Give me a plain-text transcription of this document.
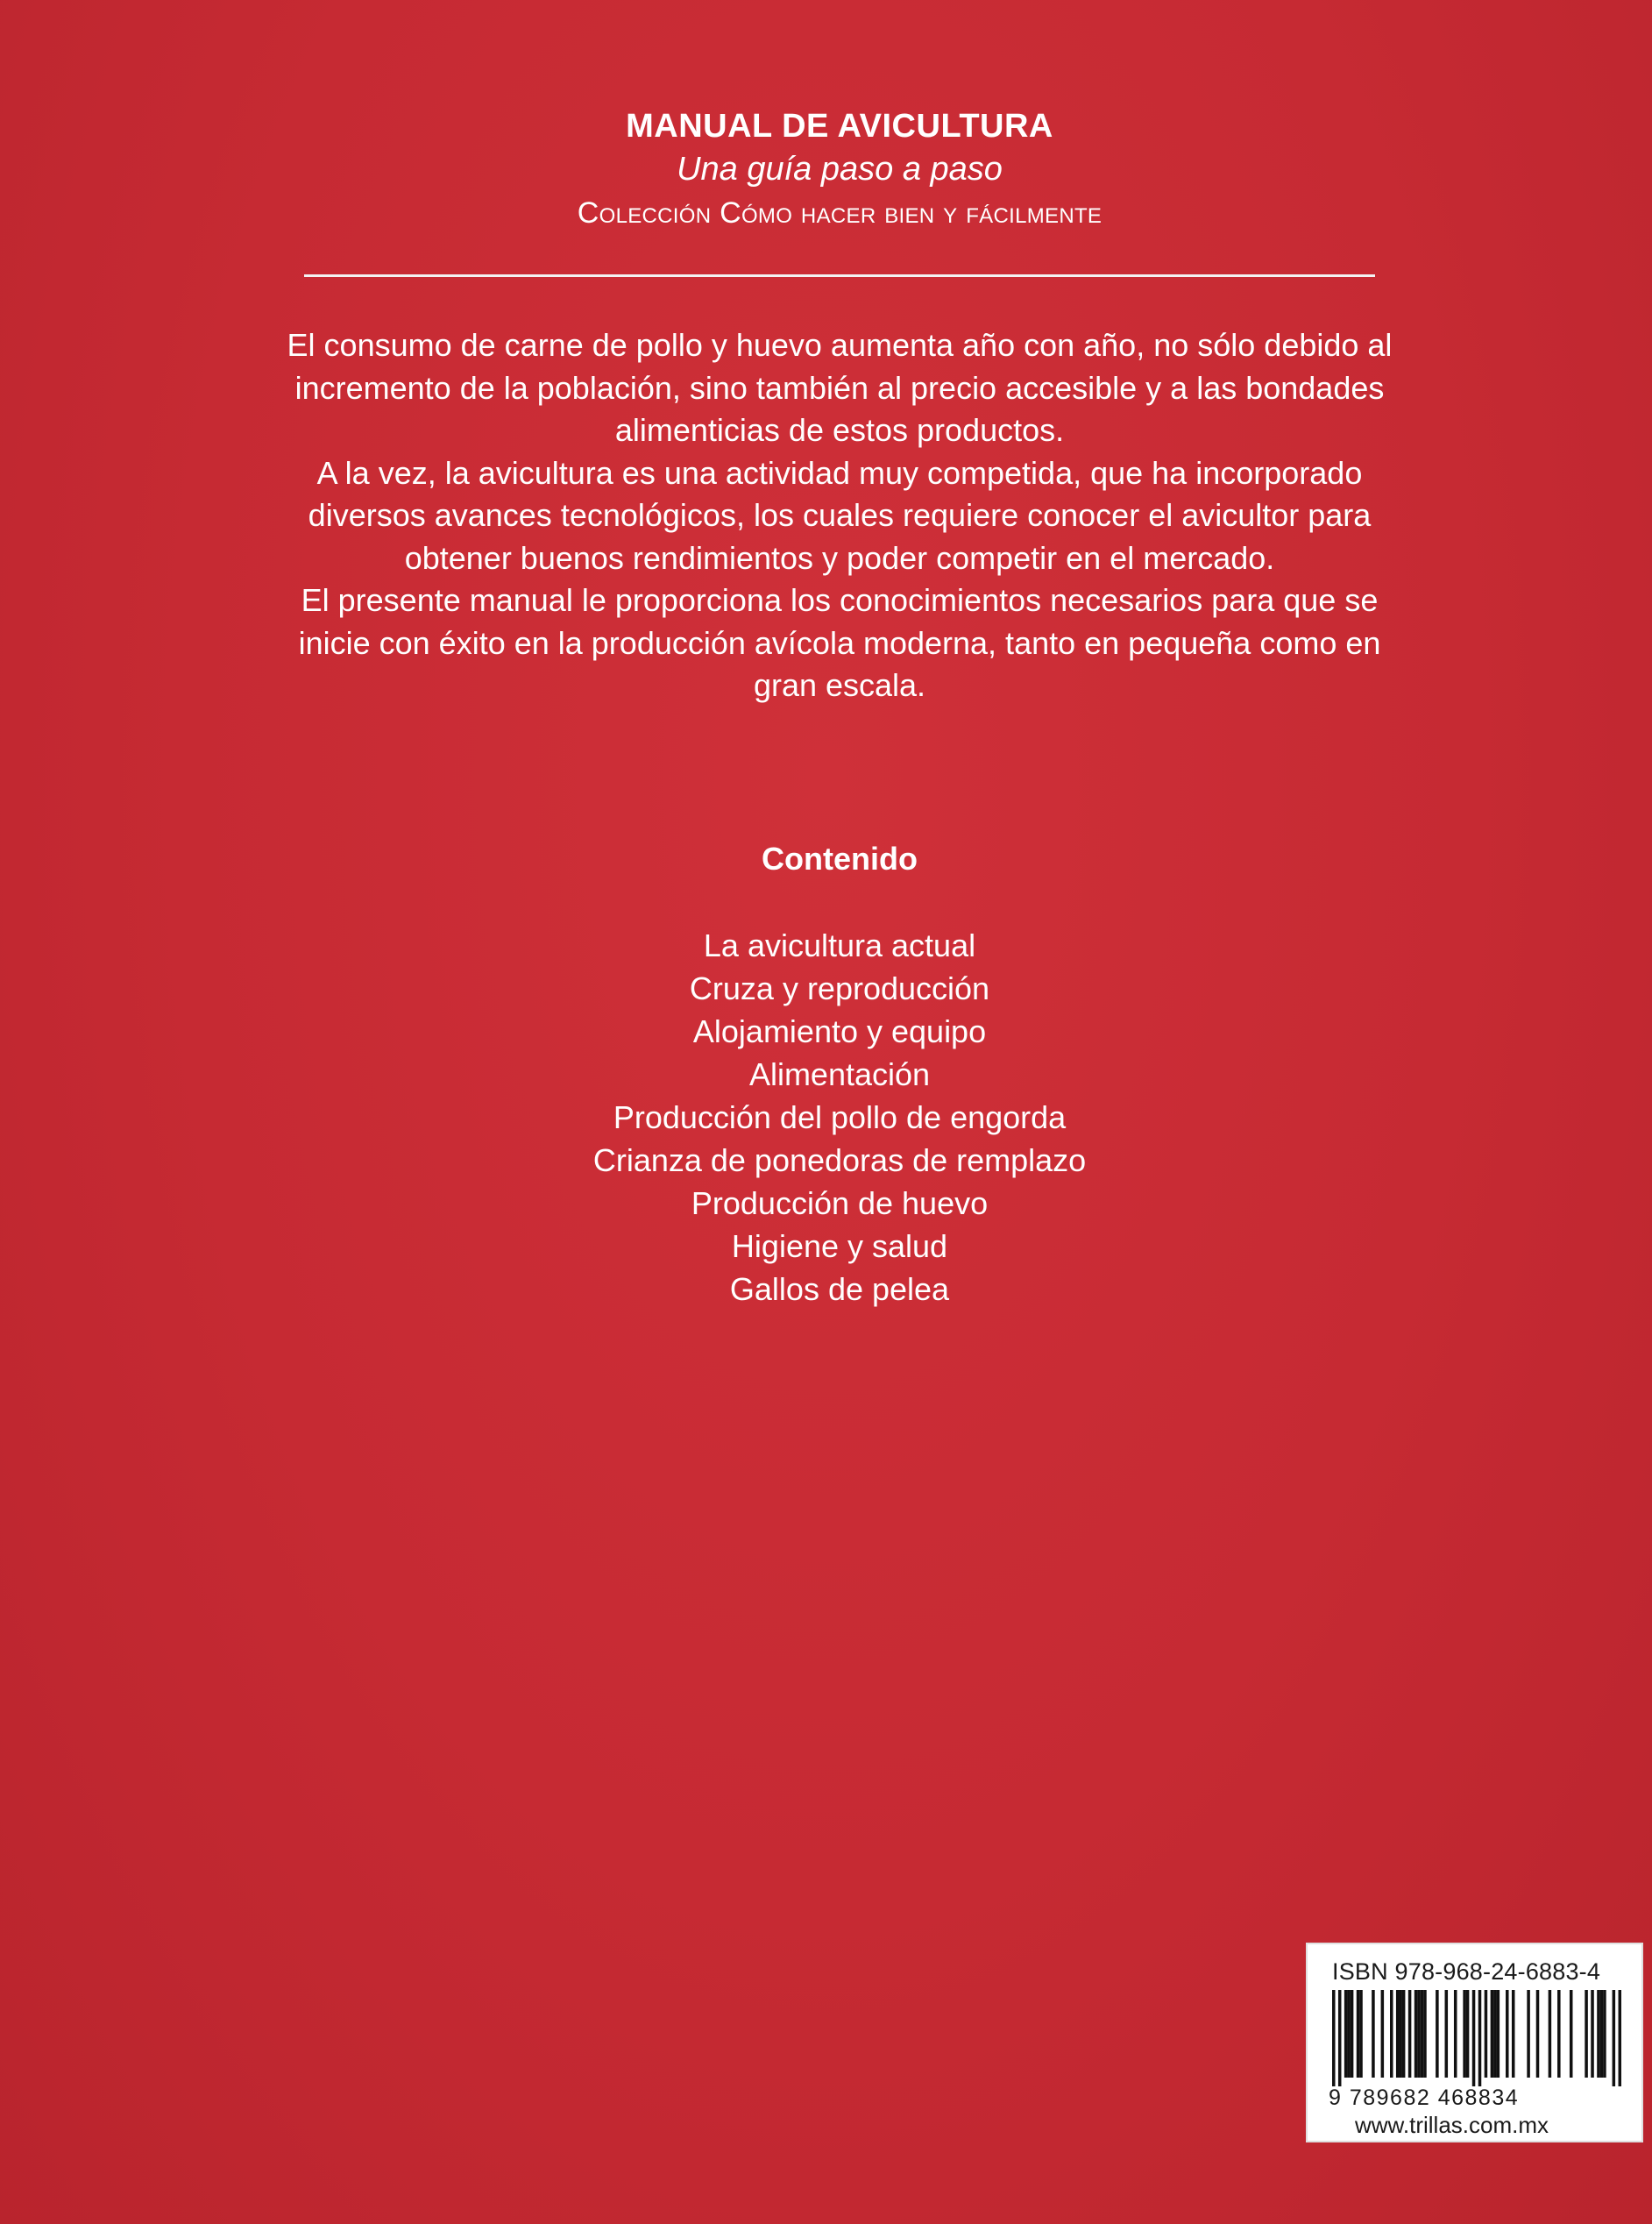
MANUAL DE AVICULTURA
Una guía paso a paso
Colección Cómo hacer bien y fácilmente

El consumo de carne de pollo y huevo aumenta año con año, no sólo debido al incremento de la población, sino también al precio accesible y a las bondades alimenticias de estos productos.

A la vez, la avicultura es una actividad muy competida, que ha incorporado diversos avances tecnológicos, los cuales requiere conocer el avicultor para obtener buenos rendimientos y poder competir en el mercado.

El presente manual le proporciona los conocimientos necesarios para que se inicie con éxito en la producción avícola moderna, tanto en pequeña como en gran escala.

Contenido
La avicultura actual
Cruza y reproducción
Alojamiento y equipo
Alimentación
Producción del pollo de engorda
Crianza de ponedoras de remplazo
Producción de huevo
Higiene y salud
Gallos de pelea
ISBN 978-968-24-6883-4
9 789682 468834
www.trillas.com.mx
